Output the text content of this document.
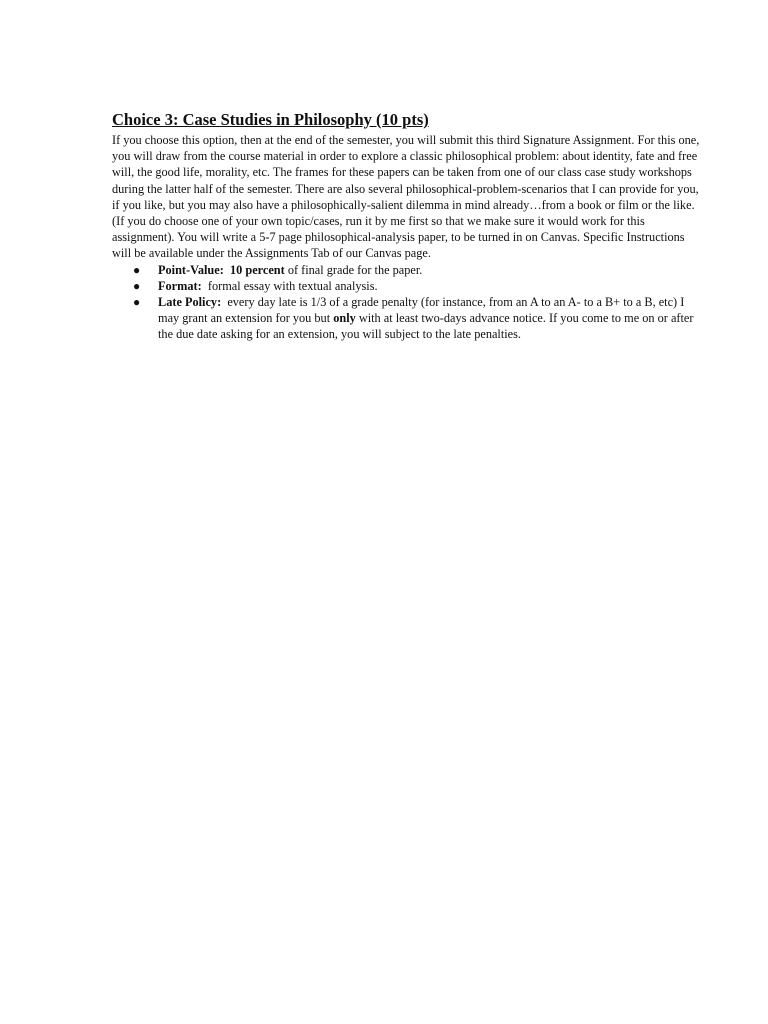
Choice 3: Case Studies in Philosophy (10 pts)

If you choose this option, then at the end of the semester, you will submit this third Signature Assignment. For this one, you will draw from the course material in order to explore a classic philosophical problem: about identity, fate and free will, the good life, morality, etc. The frames for these papers can be taken from one of our class case study workshops during the latter half of the semester. There are also several philosophical-problem-scenarios that I can provide for you, if you like, but you may also have a philosophically-salient dilemma in mind already…from a book or film or the like. (If you do choose one of your own topic/cases, run it by me first so that we make sure it would work for this assignment). You will write a 5-7 page philosophical-analysis paper, to be turned in on Canvas. Specific Instructions will be available under the Assignments Tab of our Canvas page.

● Point-Value: 10 percent of final grade for the paper.
● Format: formal essay with textual analysis.
● Late Policy: every day late is 1/3 of a grade penalty (for instance, from an A to an A- to a B+ to a B, etc) I may grant an extension for you but only with at least two-days advance notice. If you come to me on or after the due date asking for an extension, you will subject to the late penalties.
